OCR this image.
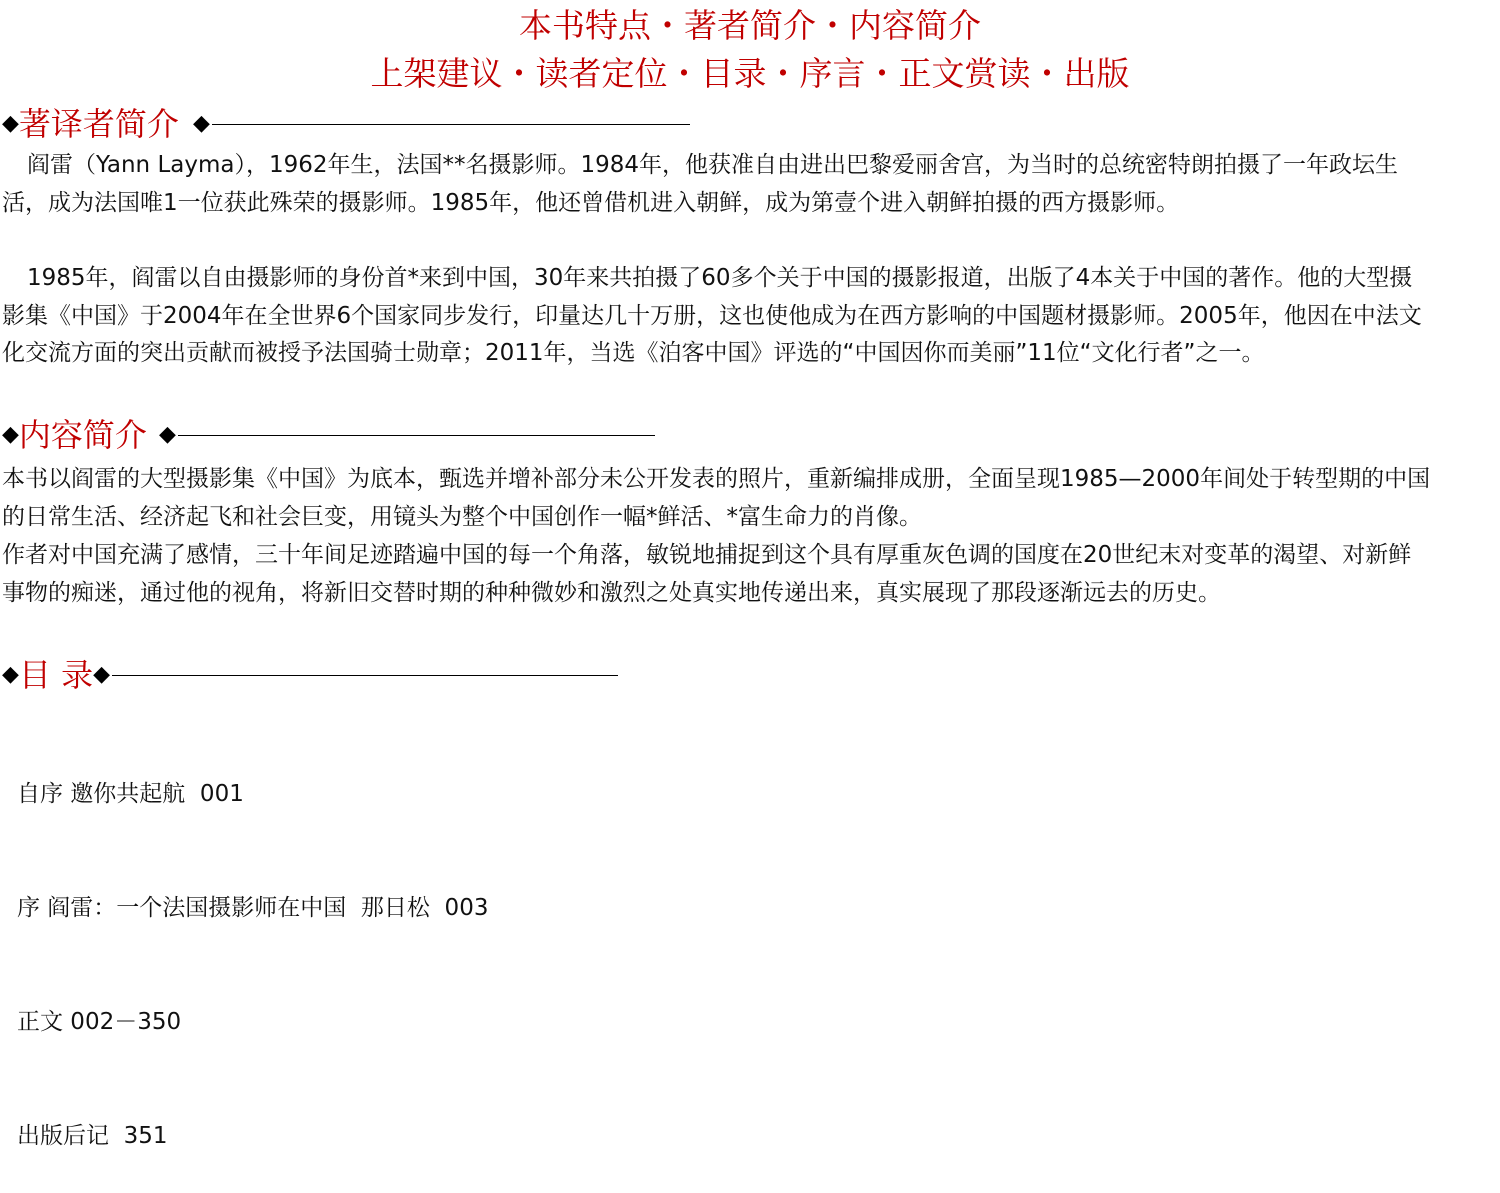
本书特点・著者简介・内容简介
上架建议・读者定位・目录・序言・正文赏读・出版
◆ 著译者简介 ◆
阎雷（Yann Layma），1962年生，法国**名摄影师。1984年，他获准自由进出巴黎爱丽舍宫，为当时的总统密特朗拍摄了一年政坛生活，成为法国唯1一位获此殊荣的摄影师。1985年，他还曾借机进入朝鲜，成为第壹个进入朝鲜拍摄的西方摄影师。
1985年，阎雷以自由摄影师的身份首*来到中国，30年来共拍摄了60多个关于中国的摄影报道，出版了4本关于中国的著作。他的大型摄影集《中国》于2004年在全世界6个国家同步发行，印量达几十万册，这也使他成为在西方影响的中国题材摄影师。2005年，他因在中法文化交流方面的突出贡献而被授予法国骑士勋章；2011年，当选《泊客中国》评选的“中国因你而美丽”11位“文化行者”之一。
◆ 内容简介 ◆
本书以阎雷的大型摄影集《中国》为底本，甄选并增补部分未公开发表的照片，重新编排成册，全面呈现1985—2000年间处于转型期的中国的日常生活、经济起飞和社会巨变，用镜头为整个中国创作一幅*鲜活、*富生命力的肖像。
作者对中国充满了感情，三十年间足迹踏遍中国的每一个角落，敏锐地捕捉到这个具有厚重灰色调的国度在20世纪末对变革的渴望、对新鲜事物的痴迷，通过他的视角，将新旧交替时期的种种微妙和激烈之处真实地传递出来，真实展现了那段逐渐远去的历史。
◆ 目 录 ◆

自序 邀你共起航  001

序 阎雷：一个法国摄影师在中国  那日松  003

正文 002－350

出版后记  351
